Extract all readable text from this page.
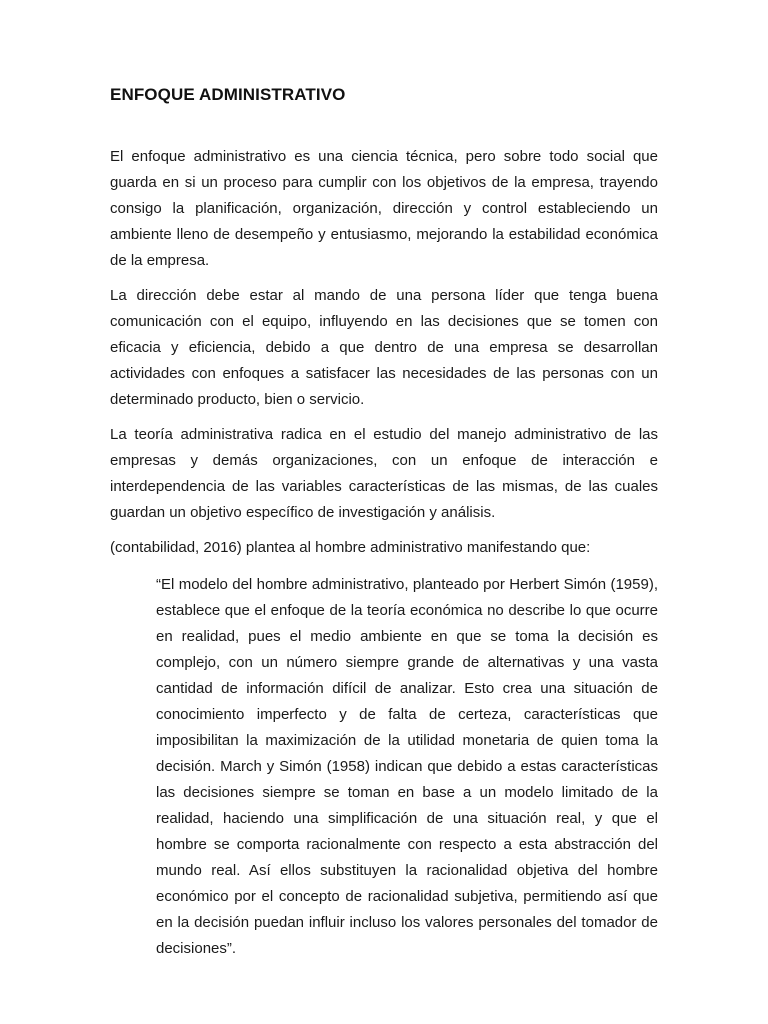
ENFOQUE ADMINISTRATIVO

El enfoque administrativo es una ciencia técnica, pero sobre todo social que guarda en si un proceso para cumplir con los objetivos de la empresa, trayendo consigo la planificación, organización, dirección y control estableciendo un ambiente lleno de desempeño y entusiasmo, mejorando la estabilidad económica de la empresa.

La dirección debe estar al mando de una persona líder que tenga buena comunicación con el equipo, influyendo en las decisiones que se tomen con eficacia y eficiencia, debido a que dentro de una empresa se desarrollan actividades con enfoques a satisfacer las necesidades de las personas con un determinado producto, bien o servicio.

La teoría administrativa radica en el estudio del manejo administrativo de las empresas y demás organizaciones, con un enfoque de interacción e interdependencia de las variables características de las mismas, de las cuales guardan un objetivo específico de investigación y análisis.

(contabilidad, 2016) plantea al hombre administrativo manifestando que:

“El modelo del hombre administrativo, planteado por Herbert Simón (1959), establece que el enfoque de la teoría económica no describe lo que ocurre en realidad, pues el medio ambiente en que se toma la decisión es complejo, con un número siempre grande de alternativas y una vasta cantidad de información difícil de analizar. Esto crea una situación de conocimiento imperfecto y de falta de certeza, características que imposibilitan la maximización de la utilidad monetaria de quien toma la decisión. March y Simón (1958) indican que debido a estas características las decisiones siempre se toman en base a un modelo limitado de la realidad, haciendo una simplificación de una situación real, y que el hombre se comporta racionalmente con respecto a esta abstracción del mundo real. Así ellos substituyen la racionalidad objetiva del hombre económico por el concepto de racionalidad subjetiva, permitiendo así que en la decisión puedan influir incluso los valores personales del tomador de decisiones”.
